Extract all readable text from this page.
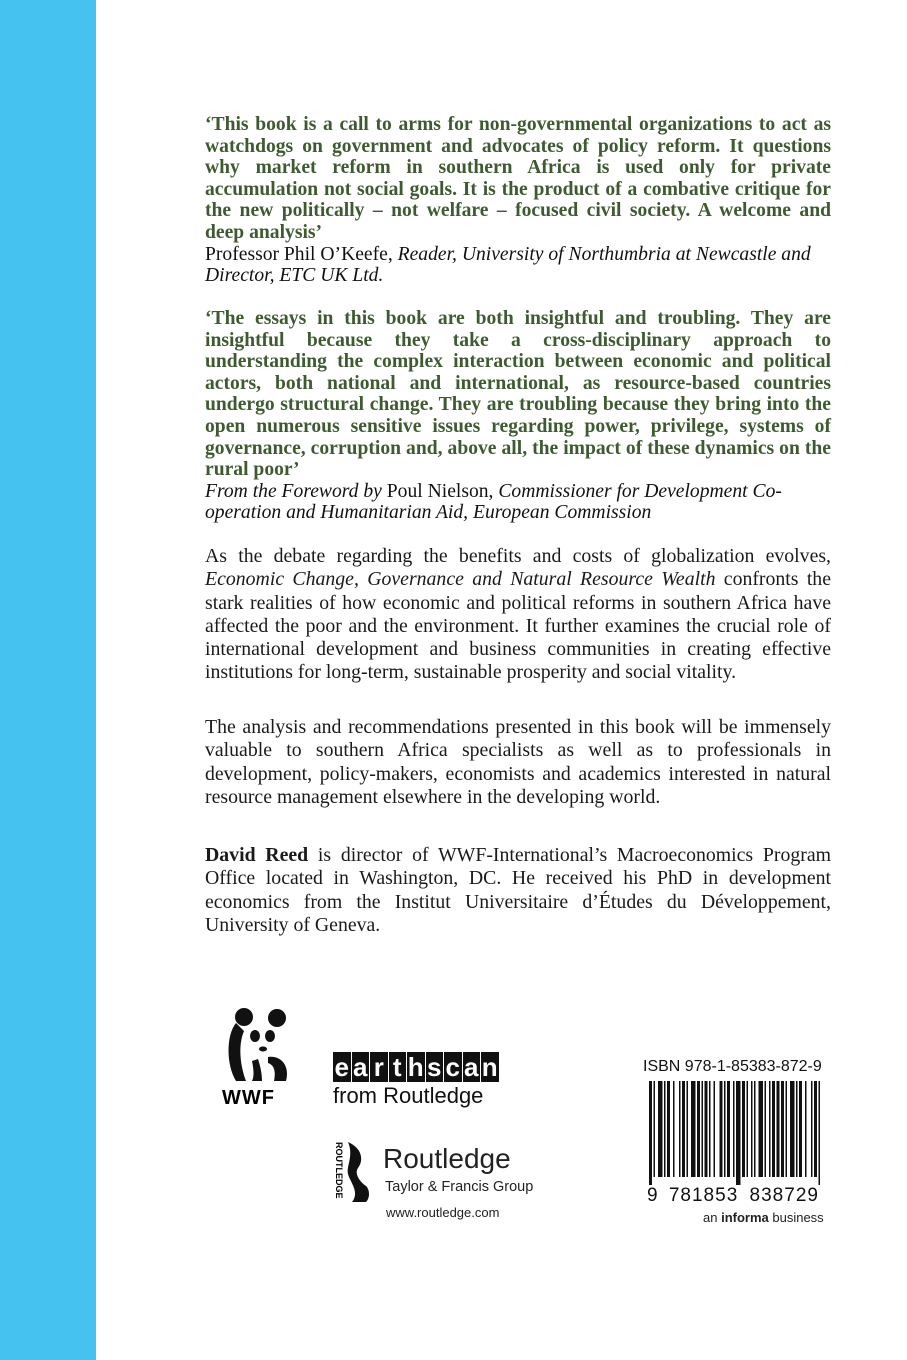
‘This book is a call to arms for non-governmental organizations to act as watchdogs on government and advocates of policy reform. It questions why market reform in southern Africa is used only for private accumulation not social goals. It is the product of a combative critique for the new politically – not welfare – focused civil society. A welcome and deep analysis’

Professor Phil O’Keefe, Reader, University of Northumbria at Newcastle and Director, ETC UK Ltd.

‘The essays in this book are both insightful and troubling. They are insightful because they take a cross-disciplinary approach to understanding the complex interaction between economic and political actors, both national and international, as resource-based countries undergo structural change. They are troubling because they bring into the open numerous sensitive issues regarding power, privilege, systems of governance, corruption and, above all, the impact of these dynamics on the rural poor’

From the Foreword by Poul Nielson, Commissioner for Development Co-operation and Humanitarian Aid, European Commission

As the debate regarding the benefits and costs of globalization evolves, Economic Change, Governance and Natural Resource Wealth confronts the stark realities of how economic and political reforms in southern Africa have affected the poor and the environment. It further examines the crucial role of international development and business communities in creating effective institutions for long-term, sustainable prosperity and social vitality.

The analysis and recommendations presented in this book will be immensely valuable to southern Africa specialists as well as to professionals in development, policy-makers, economists and academics interested in natural resource management elsewhere in the developing world.

David Reed is director of WWF-International’s Macroeconomics Program Office located in Washington, DC. He received his PhD in development economics from the Institut Universitaire d’Études du Développement, University of Geneva.

WWF
e a r t h s c a n
from Routledge
ROUTLEDGE Routledge
Taylor & Francis Group
www.routledge.com
ISBN 978-1-85383-872-9
9 781853 838729
an informa business
